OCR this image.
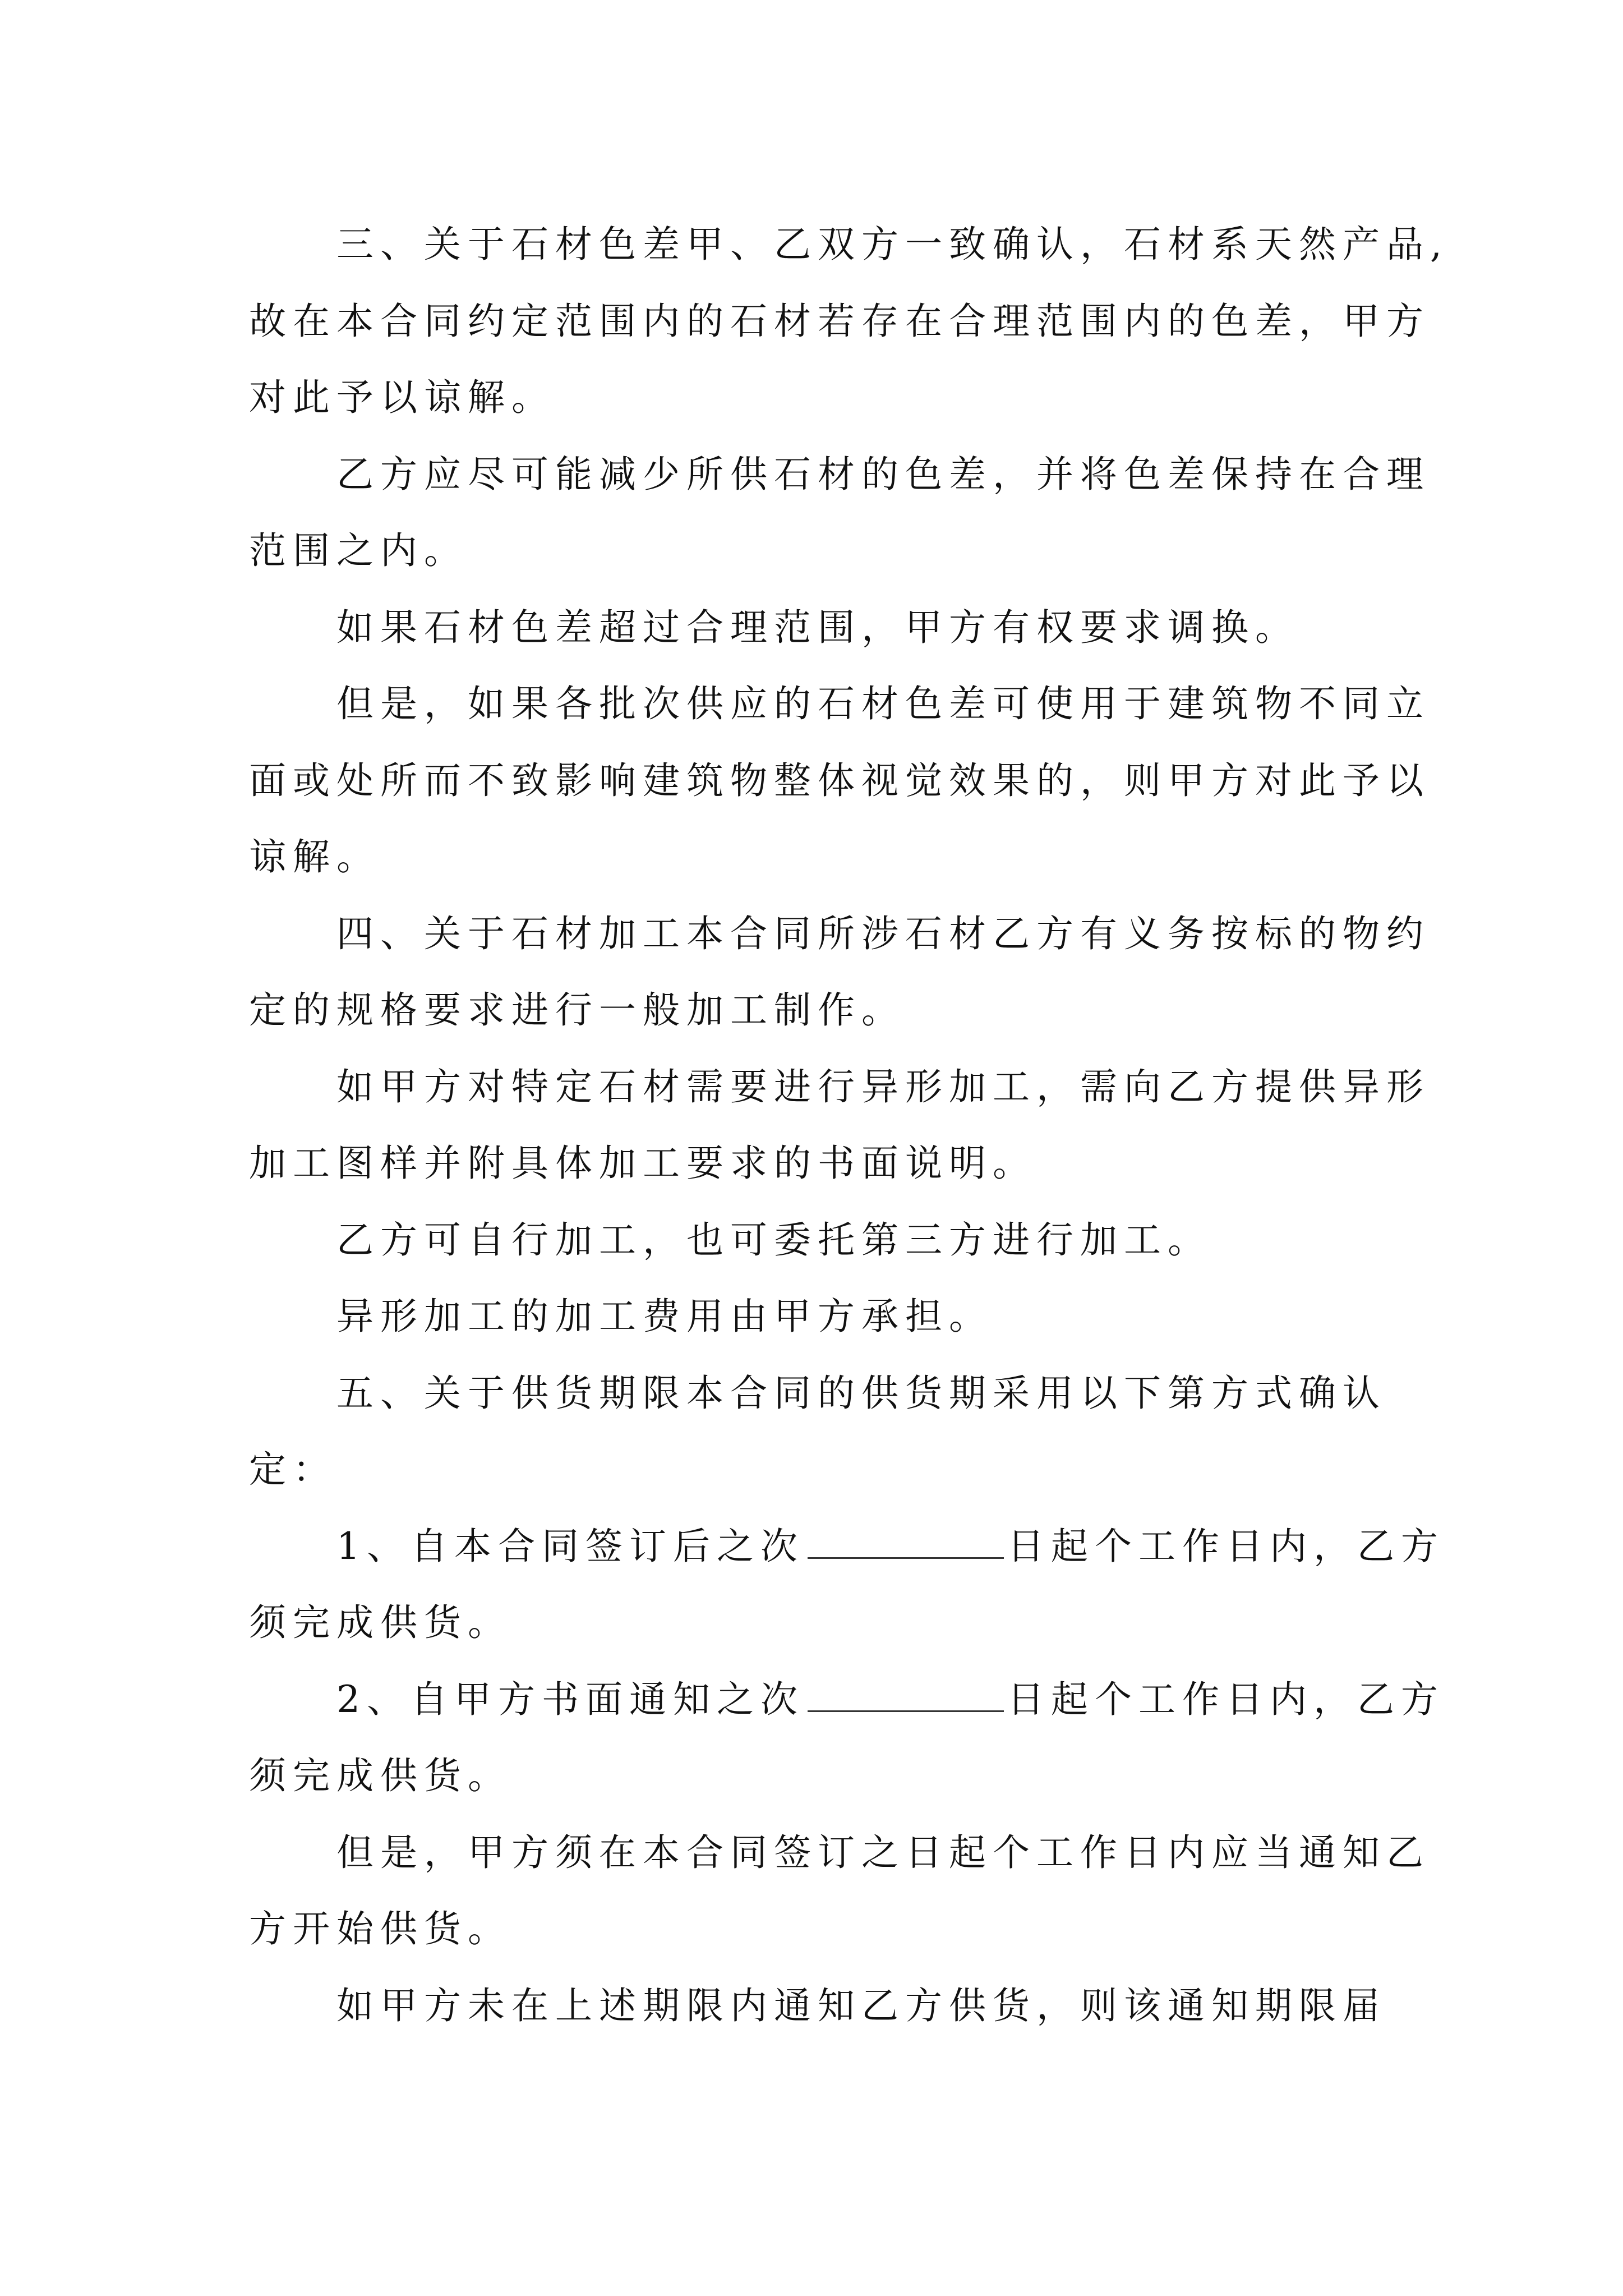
三、关于石材色差甲、乙双方一致确认，石材系天然产品,故在本合同约定范围内的石材若存在合理范围内的色差，甲方对此予以谅解。

乙方应尽可能减少所供石材的色差，并将色差保持在合理范围之内。

如果石材色差超过合理范围，甲方有权要求调换。

但是，如果各批次供应的石材色差可使用于建筑物不同立面或处所而不致影响建筑物整体视觉效果的，则甲方对此予以谅解。

四、关于石材加工本合同所涉石材乙方有义务按标的物约定的规格要求进行一般加工制作。

如甲方对特定石材需要进行异形加工，需向乙方提供异形加工图样并附具体加工要求的书面说明。

乙方可自行加工，也可委托第三方进行加工。

异形加工的加工费用由甲方承担。

五、关于供货期限本合同的供货期采用以下第方式确认定：

1、自本合同签订后之次	日起个工作日内，乙方须完成供货。

2、自甲方书面通知之次	日起个工作日内，乙方须完成供货。

但是，甲方须在本合同签订之日起个工作日内应当通知乙方开始供货。

如甲方未在上述期限内通知乙方供货，则该通知期限届
